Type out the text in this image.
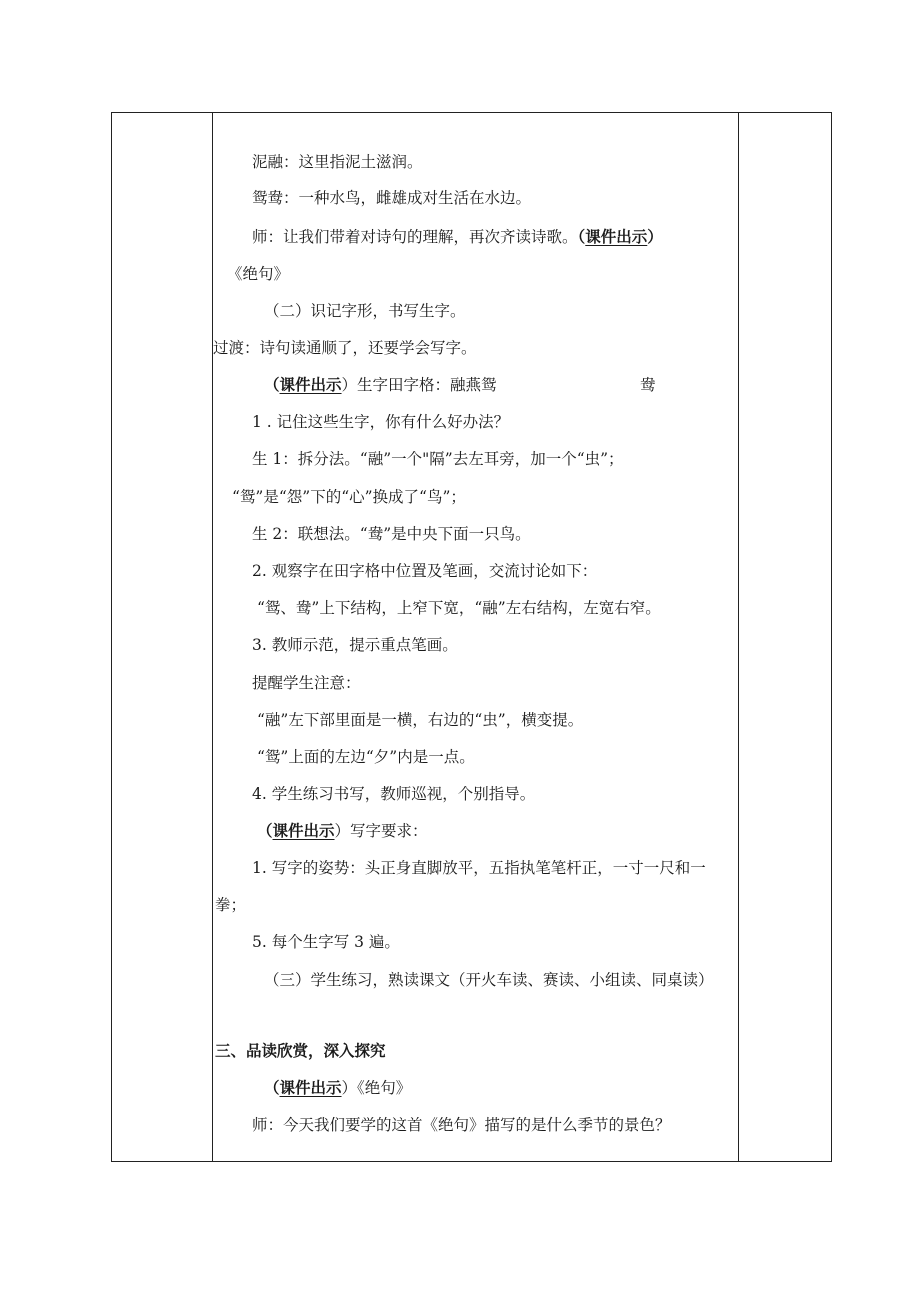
泥融：这里指泥土滋润。
鸳鸯：一种水鸟，雌雄成对生活在水边。
师：让我们带着对诗句的理解，再次齐读诗歌。（课件出示）
《绝句》
（二）识记字形，书写生字。
过渡：诗句读通顺了，还要学会写字。
（课件出示）生字田字格：融燕鸳	鸯
1 . 记住这些生字，你有什么好办法？
生 1：拆分法。“融”一个"隔”去左耳旁，加一个“虫”；
“鸳”是“怨”下的“心”换成了“鸟”；
生 2：联想法。“鸯”是中央下面一只鸟。
2. 观察字在田字格中位置及笔画，交流讨论如下：
“鸳、鸯”上下结构，上窄下宽，“融”左右结构，左宽右窄。
3. 教师示范，提示重点笔画。
提醒学生注意：
“融”左下部里面是一横，右边的“虫”，横变提。
“鸳”上面的左边“夕”内是一点。
4. 学生练习书写，教师巡视，个别指导。
（课件出示）写字要求：
1. 写字的姿势：头正身直脚放平，五指执笔笔杆正，一寸一尺和一
拳；
5. 每个生字写 3 遍。
（三）学生练习，熟读课文（开火车读、赛读、小组读、同桌读）
三、品读欣赏，深入探究
（课件出示）《绝句》
师：今天我们要学的这首《绝句》描写的是什么季节的景色？
